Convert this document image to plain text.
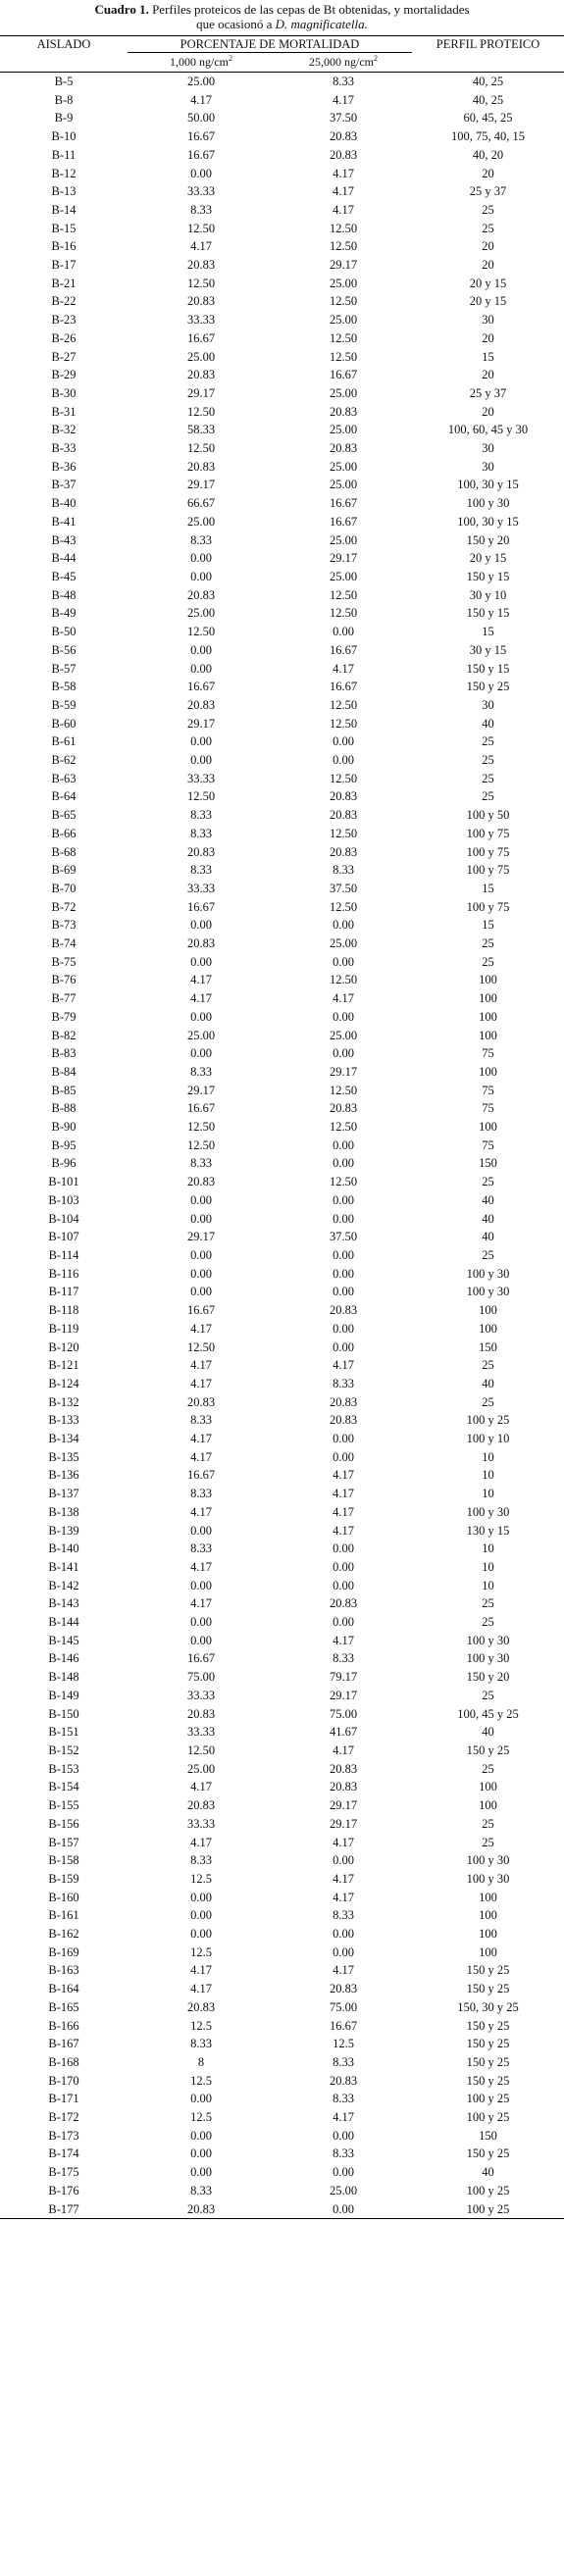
Cuadro 1. Perfiles proteicos de las cepas de Bt obtenidas, y mortalidades
que ocasionó a D. magnificatella.
AISLADO	PORCENTAJE DE MORTALIDAD		PERFIL PROTEICO
	1,000 $ng/cm^2$	25,000 $ng/cm^2$
B-5	25.00	8.33	40, 25
B-8	4.17	4.17	40, 25
B-9	50.00	37.50	60, 45, 25
B-10	16.67	20.83	100, 75, 40, 15
B-11	16.67	20.83	40, 20
B-12	0.00	4.17	20
B-13	33.33	4.17	25 y 37
B-14	8.33	4.17	25
B-15	12.50	12.50	25
B-16	4.17	12.50	20
B-17	20.83	29.17	20
B-21	12.50	25.00	20 y 15
B-22	20.83	12.50	20 y 15
B-23	33.33	25.00	30
B-26	16.67	12.50	20
B-27	25.00	12.50	15
B-29	20.83	16.67	20
B-30	29.17	25.00	25 y 37
B-31	12.50	20.83	20
B-32	58.33	25.00	100, 60, 45 y 30
B-33	12.50	20.83	30
B-36	20.83	25.00	30
B-37	29.17	25.00	100, 30 y 15
B-40	66.67	16.67	100 y 30
B-41	25.00	16.67	100, 30 y 15
B-43	8.33	25.00	150 y 20
B-44	0.00	29.17	20 y 15
B-45	0.00	25.00	150 y 15
B-48	20.83	12.50	30 y 10
B-49	25.00	12.50	150 y 15
B-50	12.50	0.00	15
B-56	0.00	16.67	30 y 15
B-57	0.00	4.17	150 y 15
B-58	16.67	16.67	150 y 25
B-59	20.83	12.50	30
B-60	29.17	12.50	40
B-61	0.00	0.00	25
B-62	0.00	0.00	25
B-63	33.33	12.50	25
B-64	12.50	20.83	25
B-65	8.33	20.83	100 y 50
B-66	8.33	12.50	100 y 75
B-68	20.83	20.83	100 y 75
B-69	8.33	8.33	100 y 75
B-70	33.33	37.50	15
B-72	16.67	12.50	100 y 75
B-73	0.00	0.00	15
B-74	20.83	25.00	25
B-75	0.00	0.00	25
B-76	4.17	12.50	100
B-77	4.17	4.17	100
B-79	0.00	0.00	100
B-82	25.00	25.00	100
B-83	0.00	0.00	75
B-84	8.33	29.17	100
B-85	29.17	12.50	75
B-88	16.67	20.83	75
B-90	12.50	12.50	100
B-95	12.50	0.00	75
B-96	8.33	0.00	150
B-101	20.83	12.50	25
B-103	0.00	0.00	40
B-104	0.00	0.00	40
B-107	29.17	37.50	40
B-114	0.00	0.00	25
B-116	0.00	0.00	100 y 30
B-117	0.00	0.00	100 y 30
B-118	16.67	20.83	100
B-119	4.17	0.00	100
B-120	12.50	0.00	150
B-121	4.17	4.17	25
B-124	4.17	8.33	40
B-132	20.83	20.83	25
B-133	8.33	20.83	100 y 25
B-134	4.17	0.00	100 y 10
B-135	4.17	0.00	10
B-136	16.67	4.17	10
B-137	8.33	4.17	10
B-138	4.17	4.17	100 y 30
B-139	0.00	4.17	130 y 15
B-140	8.33	0.00	10
B-141	4.17	0.00	10
B-142	0.00	0.00	10
B-143	4.17	20.83	25
B-144	0.00	0.00	25
B-145	0.00	4.17	100 y 30
B-146	16.67	8.33	100 y 30
B-148	75.00	79.17	150 y 20
B-149	33.33	29.17	25
B-150	20.83	75.00	100, 45 y 25
B-151	33.33	41.67	40
B-152	12.50	4.17	150 y 25
B-153	25.00	20.83	25
B-154	4.17	20.83	100
B-155	20.83	29.17	100
B-156	33.33	29.17	25
B-157	4.17	4.17	25
B-158	8.33	0.00	100 y 30
B-159	12.5	4.17	100 y 30
B-160	0.00	4.17	100
B-161	0.00	8.33	100
B-162	0.00	0.00	100
B-169	12.5	0.00	100
B-163	4.17	4.17	150 y 25
B-164	4.17	20.83	150 y 25
B-165	20.83	75.00	150, 30 y 25
B-166	12.5	16.67	150 y 25
B-167	8.33	12.5	150 y 25
B-168	8	8.33	150 y 25
B-170	12.5	20.83	150 y 25
B-171	0.00	8.33	100 y 25
B-172	12.5	4.17	100 y 25
B-173	0.00	0.00	150
B-174	0.00	8.33	150 y 25
B-175	0.00	0.00	40
B-176	8.33	25.00	100 y 25
B-177	20.83	0.00	100 y 25
